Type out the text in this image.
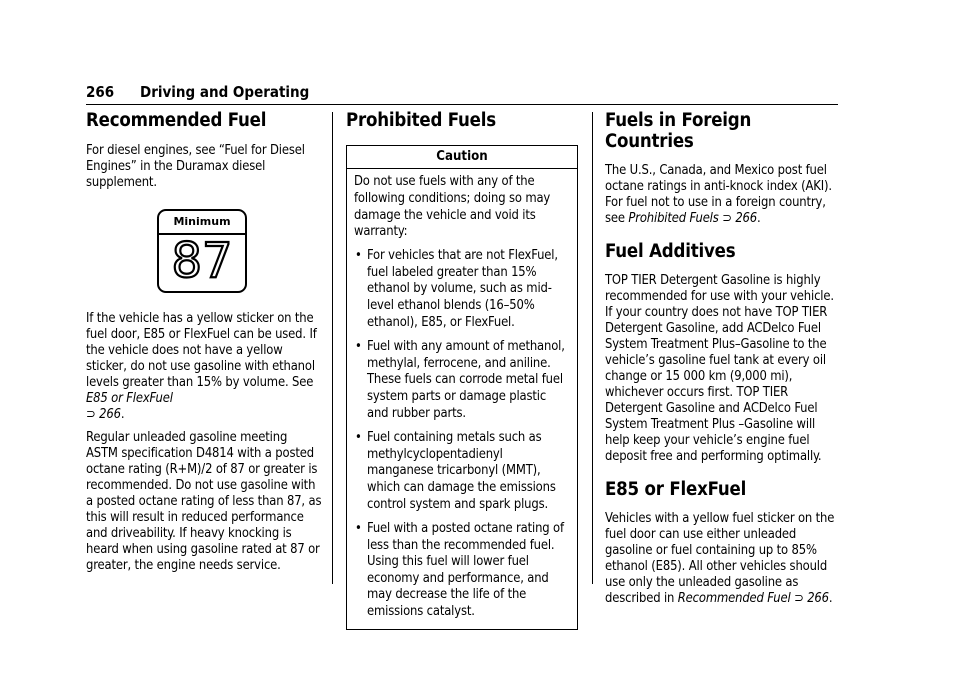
266 Driving and Operating
Recommended Fuel

For diesel engines, see “Fuel for Diesel Engines” in the Duramax diesel supplement.

Minimum
87

If the vehicle has a yellow sticker on the fuel door, E85 or FlexFuel can be used. If the vehicle does not have a yellow sticker, do not use gasoline with ethanol levels greater than 15% by volume. See E85 or FlexFuel
⊃ 266.

Regular unleaded gasoline meeting ASTM specification D4814 with a posted octane rating (R+M)/2 of 87 or greater is recommended. Do not use gasoline with a posted octane rating of less than 87, as this will result in reduced performance and driveability. If heavy knocking is heard when using gasoline rated at 87 or greater, the engine needs service.

Prohibited Fuels
Caution

Do not use fuels with any of the following conditions; doing so may damage the vehicle and void its warranty:

• For vehicles that are not FlexFuel, fuel labeled greater than 15% ethanol by volume, such as mid-level ethanol blends (16–50% ethanol), E85, or FlexFuel.
• Fuel with any amount of methanol, methylal, ferrocene, and aniline. These fuels can corrode metal fuel system parts or damage plastic and rubber parts.
• Fuel containing metals such as methylcyclopentadienyl manganese tricarbonyl (MMT), which can damage the emissions control system and spark plugs.
• Fuel with a posted octane rating of less than the recommended fuel. Using this fuel will lower fuel economy and performance, and may decrease the life of the emissions catalyst.
Fuels in Foreign Countries

The U.S., Canada, and Mexico post fuel octane ratings in anti-knock index (AKI). For fuel not to use in a foreign country, see Prohibited Fuels ⊃ 266.

Fuel Additives

TOP TIER Detergent Gasoline is highly recommended for use with your vehicle. If your country does not have TOP TIER Detergent Gasoline, add ACDelco Fuel System Treatment Plus–Gasoline to the vehicle’s gasoline fuel tank at every oil change or 15 000 km (9,000 mi), whichever occurs first. TOP TIER Detergent Gasoline and ACDelco Fuel System Treatment Plus –Gasoline will help keep your vehicle’s engine fuel deposit free and performing optimally.

E85 or FlexFuel

Vehicles with a yellow fuel sticker on the fuel door can use either unleaded gasoline or fuel containing up to 85% ethanol (E85). All other vehicles should use only the unleaded gasoline as described in Recommended Fuel ⊃ 266.
